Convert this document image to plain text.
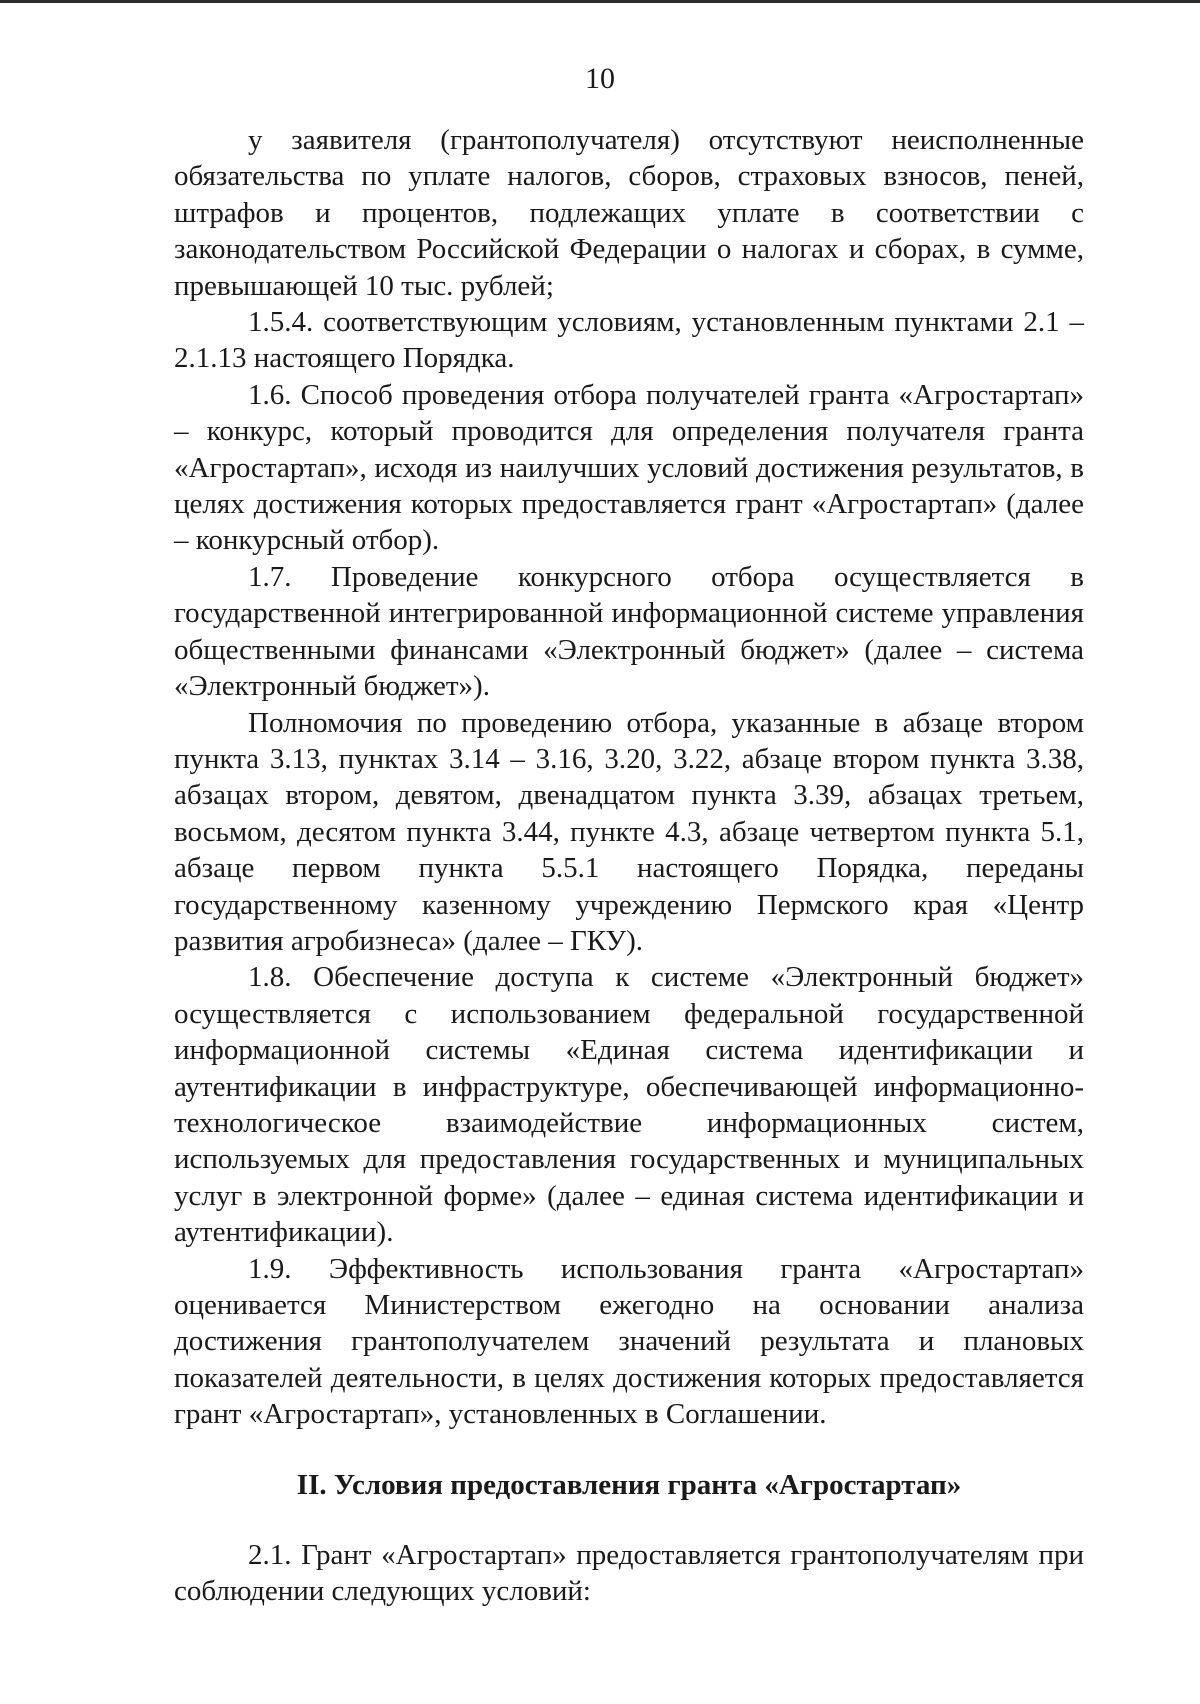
10

у заявителя (грантополучателя) отсутствуют неисполненные обязательства по уплате налогов, сборов, страховых взносов, пеней, штрафов и процентов, подлежащих уплате в соответствии с законодательством Российской Федерации о налогах и сборах, в сумме, превышающей 10 тыс. рублей;

1.5.4. соответствующим условиям, установленным пунктами 2.1 – 2.1.13 настоящего Порядка.

1.6. Способ проведения отбора получателей гранта «Агростартап» – конкурс, который проводится для определения получателя гранта «Агростартап», исходя из наилучших условий достижения результатов, в целях достижения которых предоставляется грант «Агростартап» (далее – конкурсный отбор).

1.7. Проведение конкурсного отбора осуществляется в государственной интегрированной информационной системе управления общественными финансами «Электронный бюджет» (далее – система «Электронный бюджет»).

Полномочия по проведению отбора, указанные в абзаце втором пункта 3.13, пунктах 3.14 – 3.16, 3.20, 3.22, абзаце втором пункта 3.38, абзацах втором, девятом, двенадцатом пункта 3.39, абзацах третьем, восьмом, десятом пункта 3.44, пункте 4.3, абзаце четвертом пункта 5.1, абзаце первом пункта 5.5.1 настоящего Порядка, переданы государственному казенному учреждению Пермского края «Центр развития агробизнеса» (далее – ГКУ).

1.8. Обеспечение доступа к системе «Электронный бюджет» осуществляется с использованием федеральной государственной информационной системы «Единая система идентификации и аутентификации в инфраструктуре, обеспечивающей информационно-технологическое взаимодействие информационных систем, используемых для предоставления государственных и муниципальных услуг в электронной форме» (далее – единая система идентификации и аутентификации).

1.9. Эффективность использования гранта «Агростартап» оценивается Министерством ежегодно на основании анализа достижения грантополучателем значений результата и плановых показателей деятельности, в целях достижения которых предоставляется грант «Агростартап», установленных в Соглашении.

II. Условия предоставления гранта «Агростартап»

2.1. Грант «Агростартап» предоставляется грантополучателям при соблюдении следующих условий:
